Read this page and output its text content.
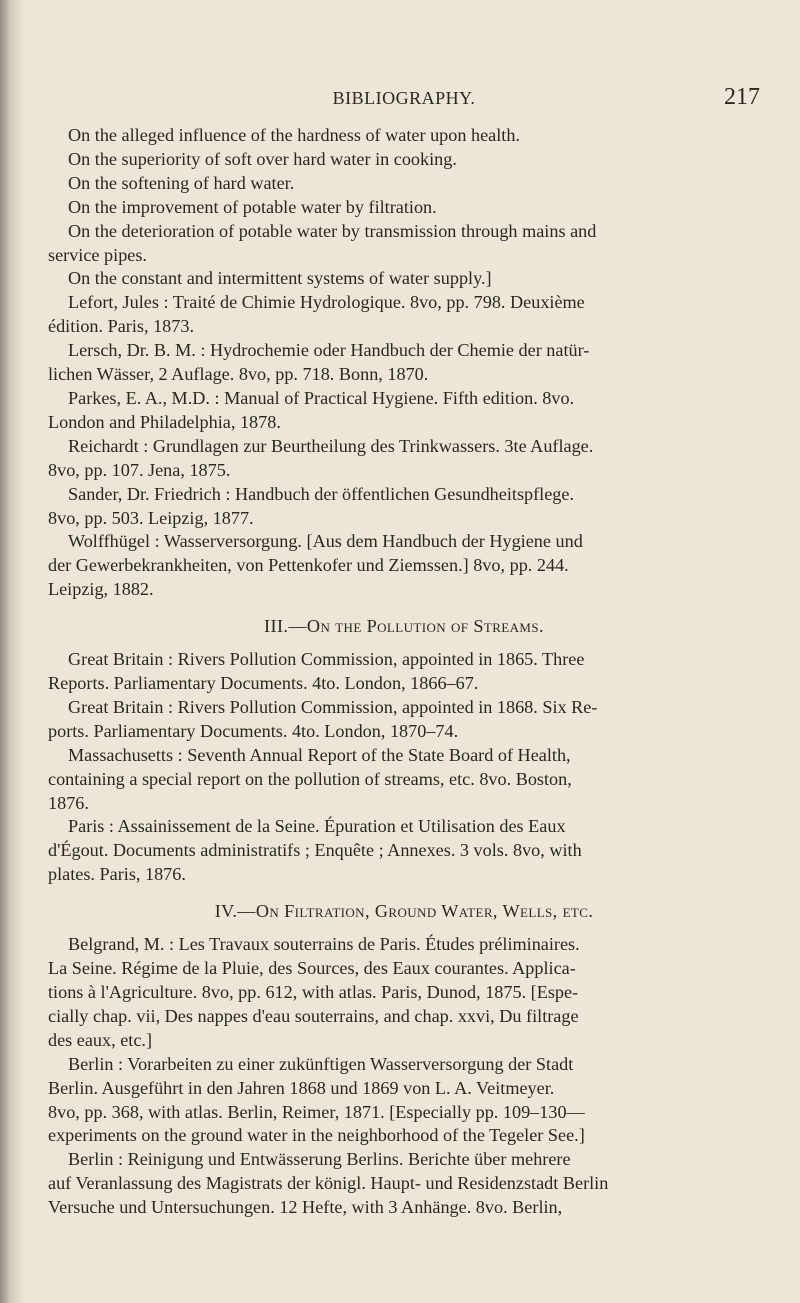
BIBLIOGRAPHY.	217
On the alleged influence of the hardness of water upon health.
On the superiority of soft over hard water in cooking.
On the softening of hard water.
On the improvement of potable water by filtration.
On the deterioration of potable water by transmission through mains and
service pipes.
On the constant and intermittent systems of water supply.]
Lefort, Jules : Traité de Chimie Hydrologique. 8vo, pp. 798. Deuxième
édition. Paris, 1873.
Lersch, Dr. B. M. : Hydrochemie oder Handbuch der Chemie der natür-
lichen Wässer, 2 Auflage. 8vo, pp. 718. Bonn, 1870.
Parkes, E. A., M.D. : Manual of Practical Hygiene. Fifth edition. 8vo.
London and Philadelphia, 1878.
Reichardt : Grundlagen zur Beurtheilung des Trinkwassers. 3te Auflage.
8vo, pp. 107. Jena, 1875.
Sander, Dr. Friedrich : Handbuch der öffentlichen Gesundheitspflege.
8vo, pp. 503. Leipzig, 1877.
Wolffhügel : Wasserversorgung. [Aus dem Handbuch der Hygiene und
der Gewerbekrankheiten, von Pettenkofer und Ziemssen.] 8vo, pp. 244.
Leipzig, 1882.
III.—On the Pollution of Streams.
Great Britain : Rivers Pollution Commission, appointed in 1865. Three
Reports. Parliamentary Documents. 4to. London, 1866–67.
Great Britain : Rivers Pollution Commission, appointed in 1868. Six Re-
ports. Parliamentary Documents. 4to. London, 1870–74.
Massachusetts : Seventh Annual Report of the State Board of Health,
containing a special report on the pollution of streams, etc. 8vo. Boston,
1876.
Paris : Assainissement de la Seine. Épuration et Utilisation des Eaux
d'Égout. Documents administratifs ; Enquête ; Annexes. 3 vols. 8vo, with
plates. Paris, 1876.
IV.—On Filtration, Ground Water, Wells, etc.
Belgrand, M. : Les Travaux souterrains de Paris. Études préliminaires.
La Seine. Régime de la Pluie, des Sources, des Eaux courantes. Applica-
tions à l'Agriculture. 8vo, pp. 612, with atlas. Paris, Dunod, 1875. [Espe-
cially chap. vii, Des nappes d'eau souterrains, and chap. xxvi, Du filtrage
des eaux, etc.]
Berlin : Vorarbeiten zu einer zukünftigen Wasserversorgung der Stadt
Berlin. Ausgeführt in den Jahren 1868 und 1869 von L. A. Veitmeyer.
8vo, pp. 368, with atlas. Berlin, Reimer, 1871. [Especially pp. 109–130—
experiments on the ground water in the neighborhood of the Tegeler See.]
Berlin : Reinigung und Entwässerung Berlins. Berichte über mehrere
auf Veranlassung des Magistrats der königl. Haupt- und Residenzstadt Berlin
Versuche und Untersuchungen. 12 Hefte, with 3 Anhänge. 8vo. Berlin,
